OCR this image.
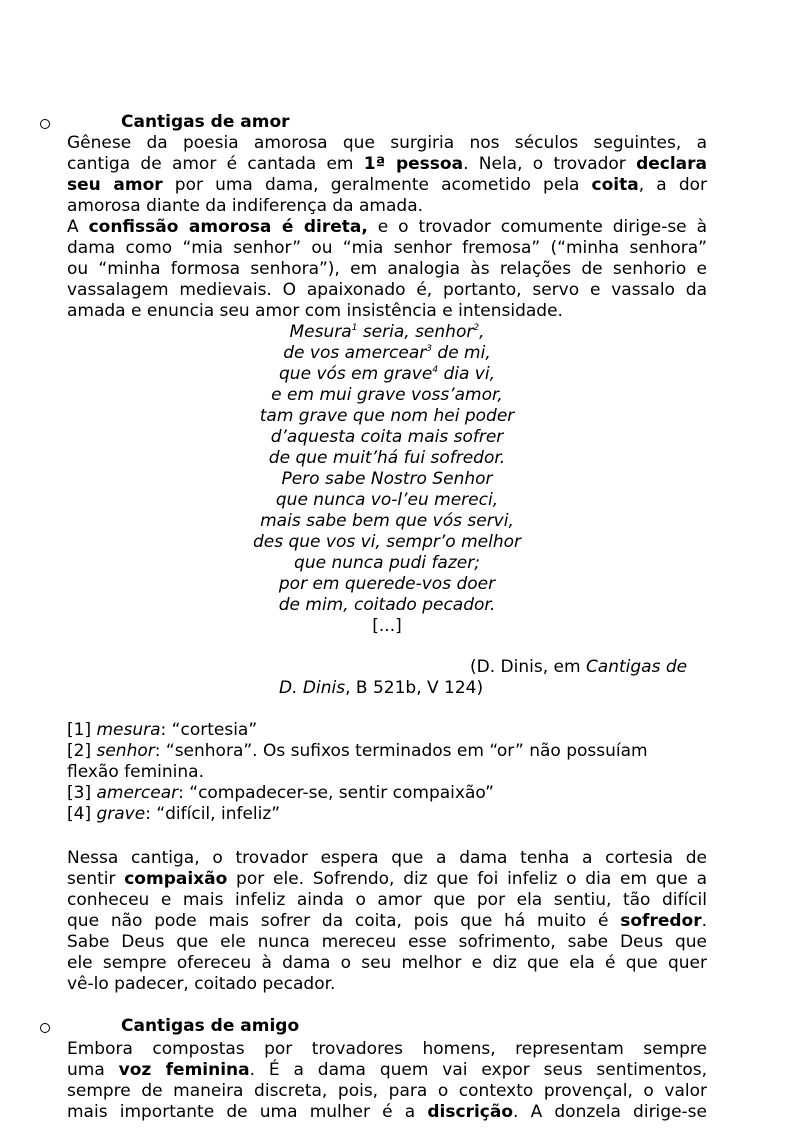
Cantigas de amor
Gênese da poesia amorosa que surgiria nos séculos seguintes, a
cantiga de amor é cantada em 1ª pessoa. Nela, o trovador declara
seu amor por uma dama, geralmente acometido pela coita, a dor
amorosa diante da indiferença da amada.
A confissão amorosa é direta, e o trovador comumente dirige-se à
dama como “mia senhor” ou “mia senhor fremosa” (“minha senhora”
ou “minha formosa senhora”), em analogia às relações de senhorio e
vassalagem medievais. O apaixonado é, portanto, servo e vassalo da
amada e enuncia seu amor com insistência e intensidade.
Mesura$^1$ seria, senhor$^2$,
de vos amercear$^3$ de mi,
que vós em grave$^4$ dia vi,
e em mui grave voss’amor,
tam grave que nom hei poder
d’aquesta coita mais sofrer
de que muit’há fui sofredor.
Pero sabe Nostro Senhor
que nunca vo-l’eu mereci,
mais sabe bem que vós servi,
des que vos vi, sempr’o melhor
que nunca pudi fazer;
por em querede-vos doer
de mim, coitado pecador.
[...]
(D. Dinis, em Cantigas de
D. Dinis, B 521b, V 124)
[1] mesura: “cortesia”
[2] senhor: “senhora”. Os sufixos terminados em “or” não possuíam
flexão feminina.
[3] amercear: “compadecer-se, sentir compaixão”
[4] grave: “difícil, infeliz”
Nessa cantiga, o trovador espera que a dama tenha a cortesia de
sentir compaixão por ele. Sofrendo, diz que foi infeliz o dia em que a
conheceu e mais infeliz ainda o amor que por ela sentiu, tão difícil
que não pode mais sofrer da coita, pois que há muito é sofredor.
Sabe Deus que ele nunca mereceu esse sofrimento, sabe Deus que
ele sempre ofereceu à dama o seu melhor e diz que ela é que quer
vê-lo padecer, coitado pecador.
Cantigas de amigo
Embora compostas por trovadores homens, representam sempre
uma voz feminina. É a dama quem vai expor seus sentimentos,
sempre de maneira discreta, pois, para o contexto provençal, o valor
mais importante de uma mulher é a discrição. A donzela dirige-se
